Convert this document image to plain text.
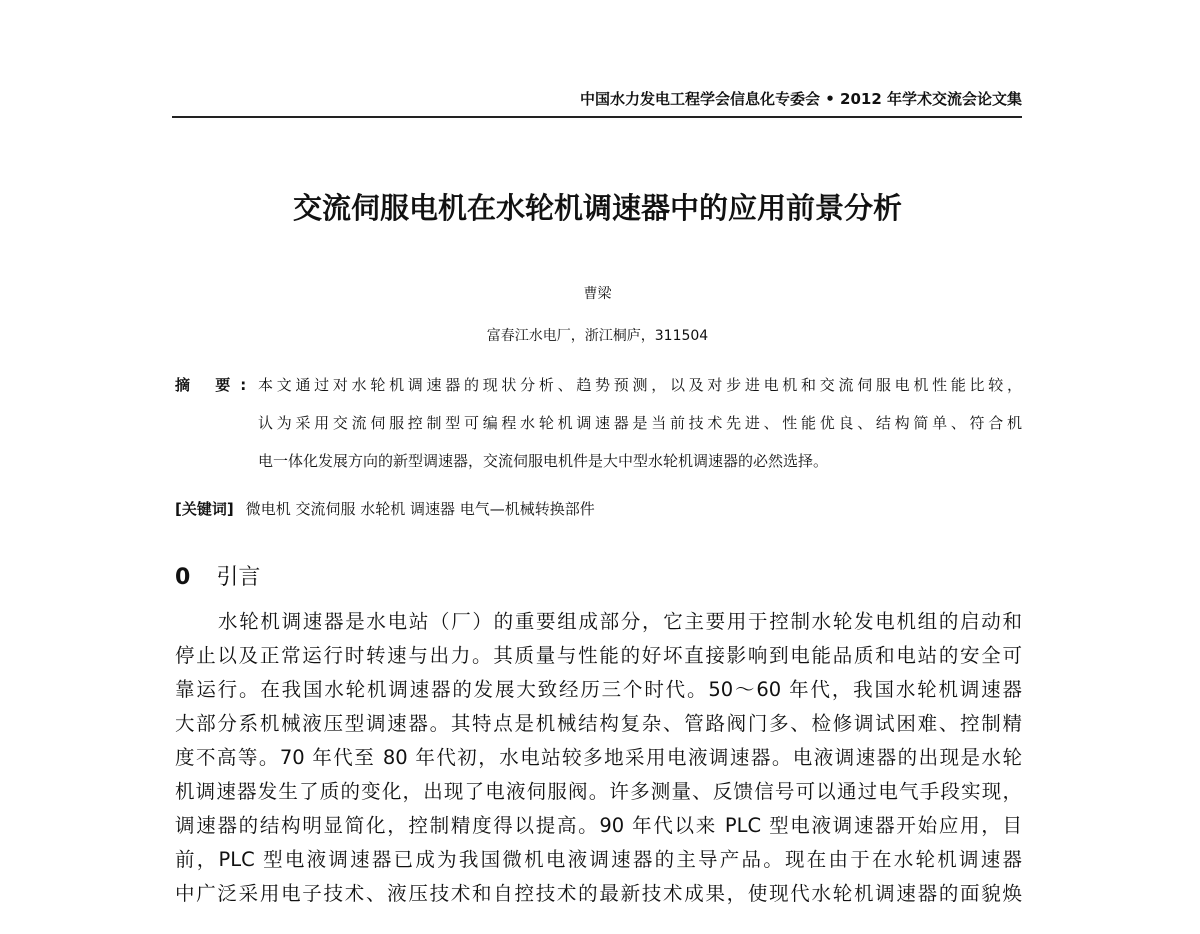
中国水力发电工程学会信息化专委会 • 2012 年学术交流会论文集
交流伺服电机在水轮机调速器中的应用前景分析
曹梁
富春江水电厂，浙江桐庐，311504
摘 要: 本文通过对水轮机调速器的现状分析、趋势预测，以及对步进电机和交流伺服电机性能比较，
认为采用交流伺服控制型可编程水轮机调速器是当前技术先进、性能优良、结构简单、符合机
电一体化发展方向的新型调速器，交流伺服电机件是大中型水轮机调速器的必然选择。
[关键词] 微电机 交流伺服 水轮机 调速器 电气—机械转换部件
0 引言
水轮机调速器是水电站（厂）的重要组成部分，它主要用于控制水轮发电机组的启动和
停止以及正常运行时转速与出力。其质量与性能的好坏直接影响到电能品质和电站的安全可
靠运行。在我国水轮机调速器的发展大致经历三个时代。50～60 年代，我国水轮机调速器
大部分系机械液压型调速器。其特点是机械结构复杂、管路阀门多、检修调试困难、控制精
度不高等。70 年代至 80 年代初，水电站较多地采用电液调速器。电液调速器的出现是水轮
机调速器发生了质的变化，出现了电液伺服阀。许多测量、反馈信号可以通过电气手段实现，
调速器的结构明显简化，控制精度得以提高。90 年代以来 PLC 型电液调速器开始应用，目
前，PLC 型电液调速器已成为我国微机电液调速器的主导产品。现在由于在水轮机调速器
中广泛采用电子技术、液压技术和自控技术的最新技术成果，使现代水轮机调速器的面貌焕
